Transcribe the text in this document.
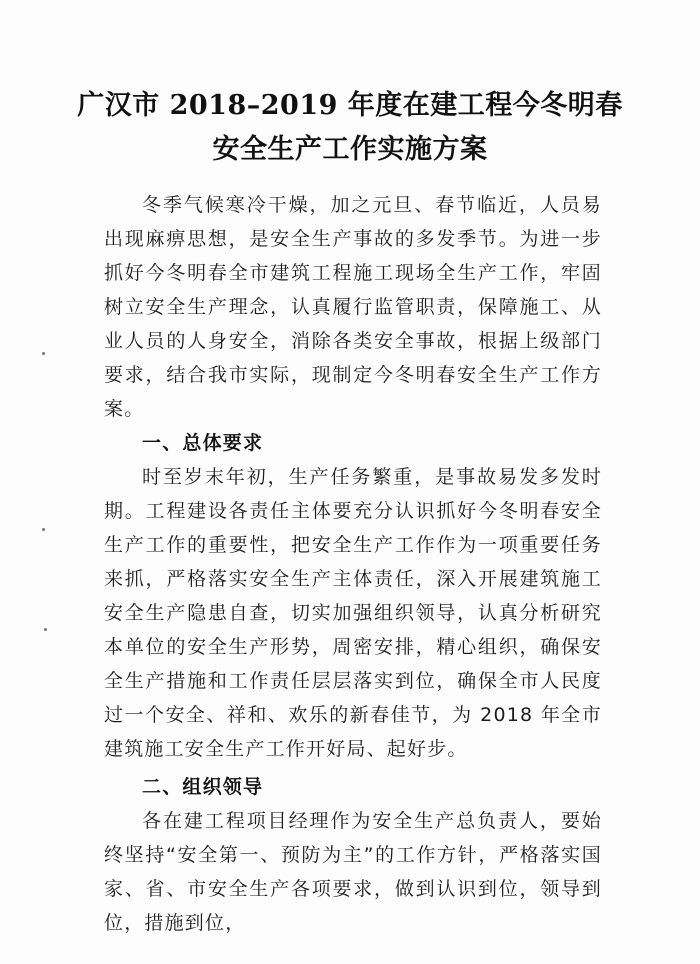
广汉市 2018–2019 年度在建工程今冬明春
安全生产工作实施方案

冬季气候寒冷干燥，加之元旦、春节临近，人员易出现麻痹思想，是安全生产事故的多发季节。为进一步抓好今冬明春全市建筑工程施工现场全生产工作，牢固树立安全生产理念，认真履行监管职责，保障施工、从业人员的人身安全，消除各类安全事故，根据上级部门要求，结合我市实际，现制定今冬明春安全生产工作方案。

一、总体要求

时至岁末年初，生产任务繁重，是事故易发多发时期。工程建设各责任主体要充分认识抓好今冬明春安全生产工作的重要性，把安全生产工作作为一项重要任务来抓，严格落实安全生产主体责任，深入开展建筑施工安全生产隐患自查，切实加强组织领导，认真分析研究本单位的安全生产形势，周密安排，精心组织，确保安全生产措施和工作责任层层落实到位，确保全市人民度过一个安全、祥和、欢乐的新春佳节，为 2018 年全市建筑施工安全生产工作开好局、起好步。

二、组织领导

各在建工程项目经理作为安全生产总负责人，要始终坚持“安全第一、预防为主”的工作方针，严格落实国家、省、市安全生产各项要求，做到认识到位，领导到位，措施到位，
